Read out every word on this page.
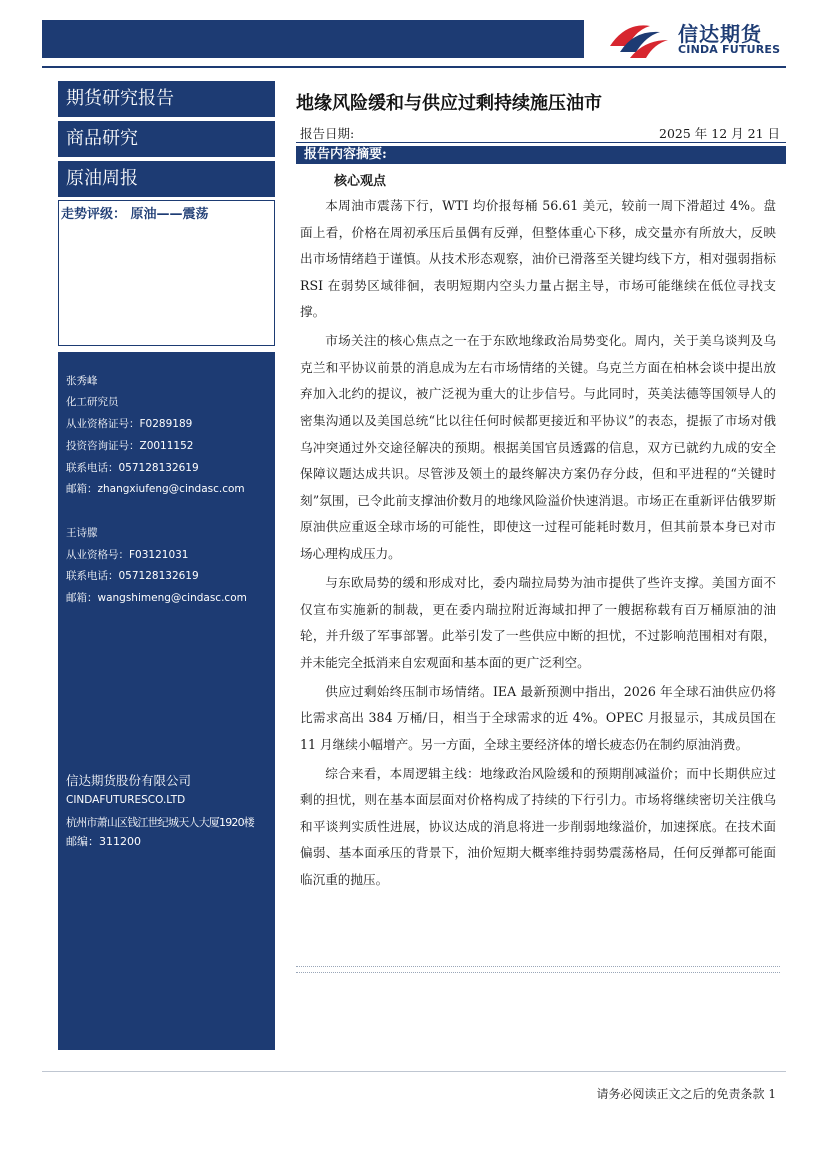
信达期货
CINDA FUTURES
期货研究报告
商品研究
原油周报
走势评级： 原油——震荡
张秀峰
化工研究员
从业资格证号：F0289189
投资咨询证号：Z0011152
联系电话：057128132619
邮箱：zhangxiufeng@cindasc.com
王诗朦
从业资格号：F03121031
联系电话：057128132619
邮箱：wangshimeng@cindasc.com
信达期货股份有限公司
CINDAFUTURESCO.LTD
杭州市萧山区钱江世纪城天人大厦1920楼
邮编：311200
地缘风险缓和与供应过剩持续施压油市
报告日期:	2025 年 12 月 21 日
报告内容摘要:
核心观点

本周油市震荡下行，WTI 均价报每桶 56.61 美元，较前一周下滑超过 4%。盘面上看，价格在周初承压后虽偶有反弹，但整体重心下移，成交量亦有所放大，反映出市场情绪趋于谨慎。从技术形态观察，油价已滑落至关键均线下方，相对强弱指标 RSI 在弱势区域徘徊，表明短期内空头力量占据主导，市场可能继续在低位寻找支撑。

市场关注的核心焦点之一在于东欧地缘政治局势变化。周内，关于美乌谈判及乌克兰和平协议前景的消息成为左右市场情绪的关键。乌克兰方面在柏林会谈中提出放弃加入北约的提议，被广泛视为重大的让步信号。与此同时，英美法德等国领导人的密集沟通以及美国总统“比以往任何时候都更接近和平协议”的表态，提振了市场对俄乌冲突通过外交途径解决的预期。根据美国官员透露的信息，双方已就约九成的安全保障议题达成共识。尽管涉及领土的最终解决方案仍存分歧，但和平进程的“关键时刻”氛围，已令此前支撑油价数月的地缘风险溢价快速消退。市场正在重新评估俄罗斯原油供应重返全球市场的可能性，即使这一过程可能耗时数月，但其前景本身已对市场心理构成压力。

与东欧局势的缓和形成对比，委内瑞拉局势为油市提供了些许支撑。美国方面不仅宣布实施新的制裁，更在委内瑞拉附近海域扣押了一艘据称载有百万桶原油的油轮，并升级了军事部署。此举引发了一些供应中断的担忧，不过影响范围相对有限，并未能完全抵消来自宏观面和基本面的更广泛利空。

供应过剩始终压制市场情绪。IEA 最新预测中指出，2026 年全球石油供应仍将比需求高出 384 万桶/日，相当于全球需求的近 4%。OPEC 月报显示，其成员国在 11 月继续小幅增产。另一方面，全球主要经济体的增长疲态仍在制约原油消费。

综合来看，本周逻辑主线：地缘政治风险缓和的预期削减溢价；而中长期供应过剩的担忧，则在基本面层面对价格构成了持续的下行引力。市场将继续密切关注俄乌和平谈判实质性进展，协议达成的消息将进一步削弱地缘溢价，加速探底。在技术面偏弱、基本面承压的背景下，油价短期大概率维持弱势震荡格局，任何反弹都可能面临沉重的抛压。

请务必阅读正文之后的免责条款 1
